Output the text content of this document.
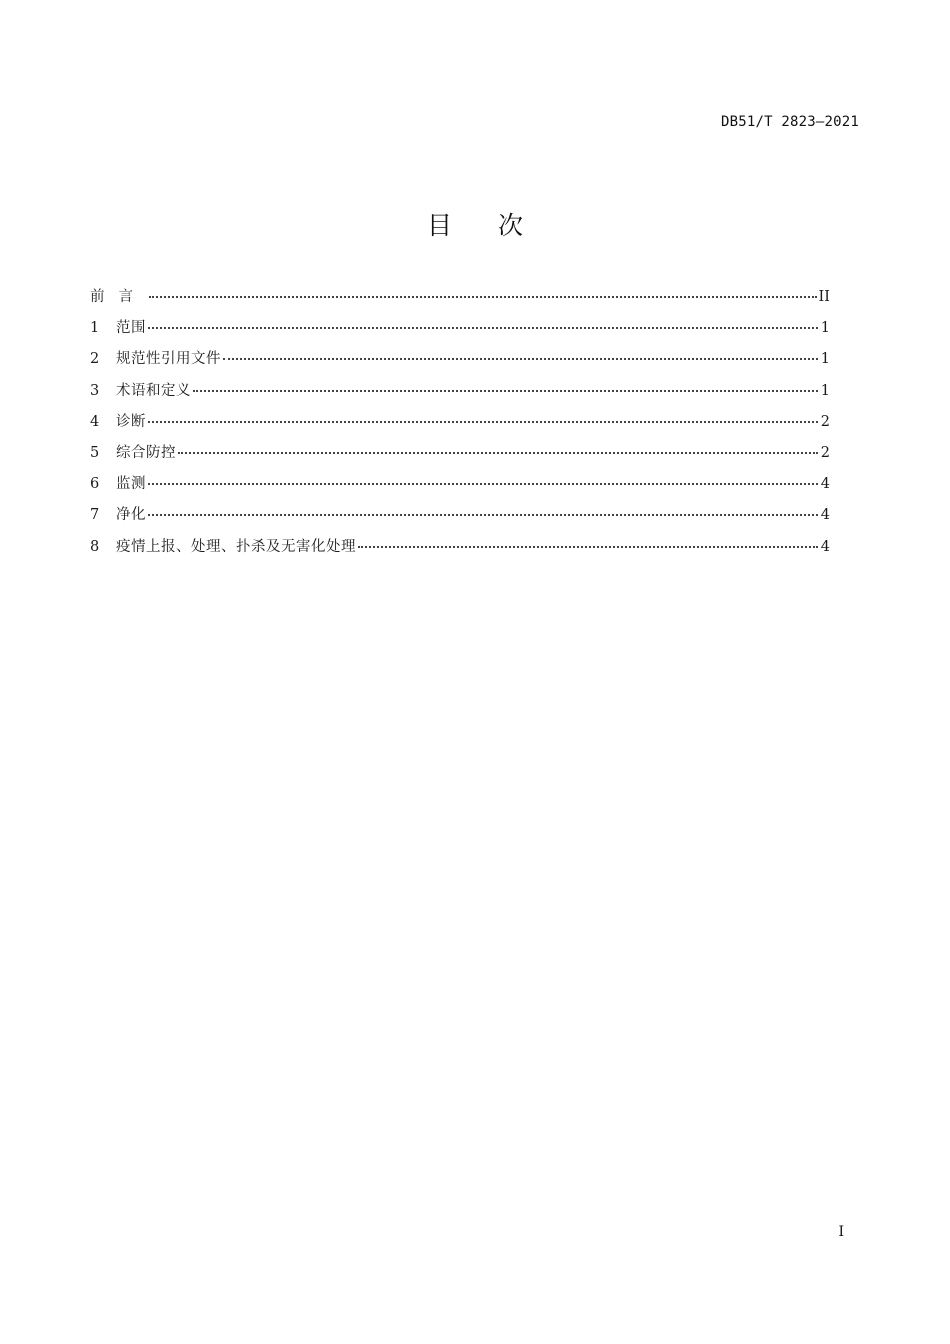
DB51/T 2823—2021
目次
前言	II
1	范围	1
2	规范性引用文件	1
3	术语和定义	1
4	诊断	2
5	综合防控	2
6	监测	4
7	净化	4
8	疫情上报、处理、扑杀及无害化处理	4
I
